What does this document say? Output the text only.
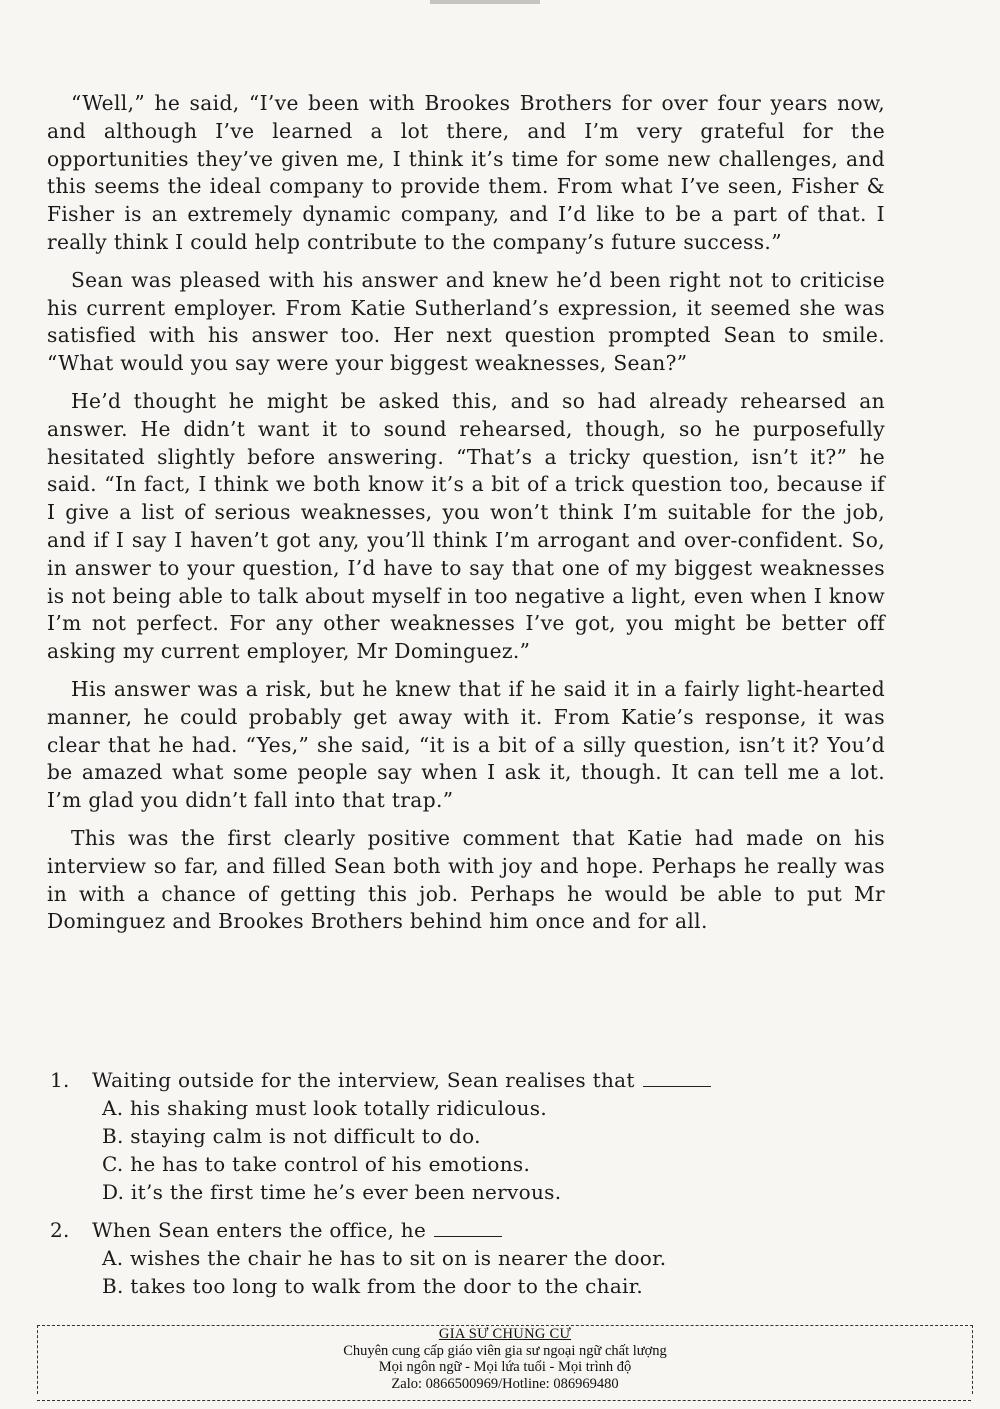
“Well,” he said, “I’ve been with Brookes Brothers for over four years now, and although I’ve learned a lot there, and I’m very grateful for the opportunities they’ve given me, I think it’s time for some new challenges, and this seems the ideal company to provide them. From what I’ve seen, Fisher & Fisher is an extremely dynamic company, and I’d like to be a part of that. I really think I could help contribute to the company’s future success.”

Sean was pleased with his answer and knew he’d been right not to criticise his current employer. From Katie Sutherland’s expression, it seemed she was satisfied with his answer too. Her next question prompted Sean to smile. “What would you say were your biggest weaknesses, Sean?”

He’d thought he might be asked this, and so had already rehearsed an answer. He didn’t want it to sound rehearsed, though, so he purposefully hesitated slightly before answering. “That’s a tricky question, isn’t it?” he said. “In fact, I think we both know it’s a bit of a trick question too, because if I give a list of serious weaknesses, you won’t think I’m suitable for the job, and if I say I haven’t got any, you’ll think I’m arrogant and over-confident. So, in answer to your question, I’d have to say that one of my biggest weaknesses is not being able to talk about myself in too negative a light, even when I know I’m not perfect. For any other weaknesses I’ve got, you might be better off asking my current employer, Mr Dominguez.”

His answer was a risk, but he knew that if he said it in a fairly light-hearted manner, he could probably get away with it. From Katie’s response, it was clear that he had. “Yes,” she said, “it is a bit of a silly question, isn’t it? You’d be amazed what some people say when I ask it, though. It can tell me a lot. I’m glad you didn’t fall into that trap.”

This was the first clearly positive comment that Katie had made on his interview so far, and filled Sean both with joy and hope. Perhaps he really was in with a chance of getting this job. Perhaps he would be able to put Mr Dominguez and Brookes Brothers behind him once and for all.

1.	Waiting outside for the interview, Sean realises that
A. his shaking must look totally ridiculous.
B. staying calm is not difficult to do.
C. he has to take control of his emotions.
D. it’s the first time he’s ever been nervous.
2.	When Sean enters the office, he
A. wishes the chair he has to sit on is nearer the door.
B. takes too long to walk from the door to the chair.
GIA SƯ CHUNG CƯ
Chuyên cung cấp giáo viên gia sư ngoại ngữ chất lượng
Mọi ngôn ngữ - Mọi lứa tuổi - Mọi trình độ
Zalo: 0866500969/Hotline: 086969480
